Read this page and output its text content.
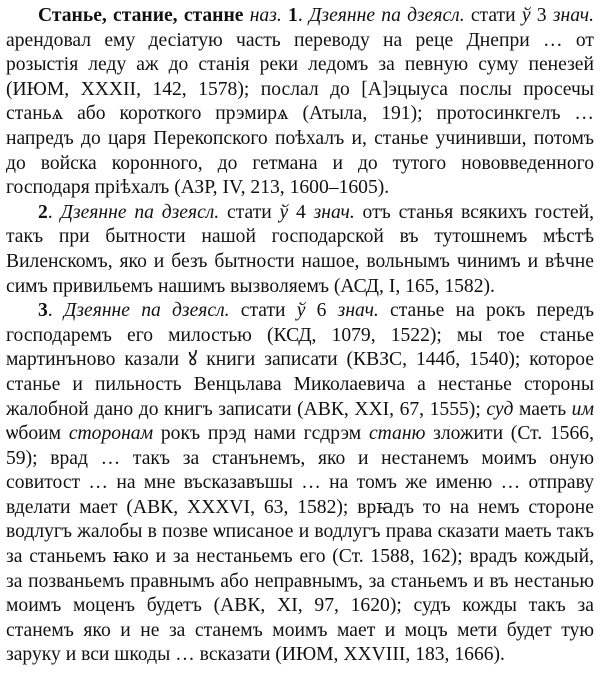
Станье, стание, станне наз. 1. Дзеянне па дзеясл. стати ў 3 знач. арендовал ему десіатую часть переводу на реце Днепри … от розыстія леду аж до станія реки ледомъ за певную суму пенезей (ИЮМ, XXXII, 142, 1578); послал до [А]эцыуса послы просечы станьѧ або короткого прэмирѧ (Атыла, 191); протосинкгелъ … напредъ до царя Перекопского поѣхалъ и, станье учинивши, потомъ до войска коронного, до гетмана и до тутого нововведенного господаря пріѣхалъ (АЗР, IV, 213, 1600–1605).

2. Дзеянне па дзеясл. стати ў 4 знач. отъ станья всякихъ гостей, такъ при бытности нашой господарской въ тутошнемъ мѣстѣ Виленскомъ, яко и безъ бытности нашое, вольнымъ чинимъ и вѣчне симъ привильемъ нашимъ вызволяемъ (АСД, I, 165, 1582).

3. Дзеянне па дзеясл. стати ў 6 знач. станье на рокъ передъ господаремъ его милостью (КСД, 1079, 1522); мы тое станье мартинъново казали ꙋ книги записати (КВЗС, 144б, 1540); которое станье и пильность Венцьлава Миколаевича а нестанье стороны жалобной дано до книгъ записати (АВК, XXI, 67, 1555); суд маеть им ѡбоим сторонам рокъ прэд нами гсдрэм станю зложити (Ст. 1566, 59); врад … такъ за станънемъ, яко и нестанемъ моимъ оную совитост … на мне въсказавъшы … на томъ же именю … отправу вделати мает (АВК, XXXVI, 63, 1582); врꙗдъ то на немъ стороне водлугъ жалобы в позве ѡписаное и водлугъ права сказати маеть такъ за станьемъ ꙗко и за нестаньемъ его (Ст. 1588, 162); врадъ кождый, за позваньемъ правнымъ або неправнымъ, за станьемъ и въ нестанью моимъ моценъ будетъ (АВК, XI, 97, 1620); судъ кожды такъ за станемъ яко и не за станемъ моимъ мает и моцъ мети будет тую заруку и вси шкоды … всказати (ИЮМ, XXVIII, 183, 1666).
